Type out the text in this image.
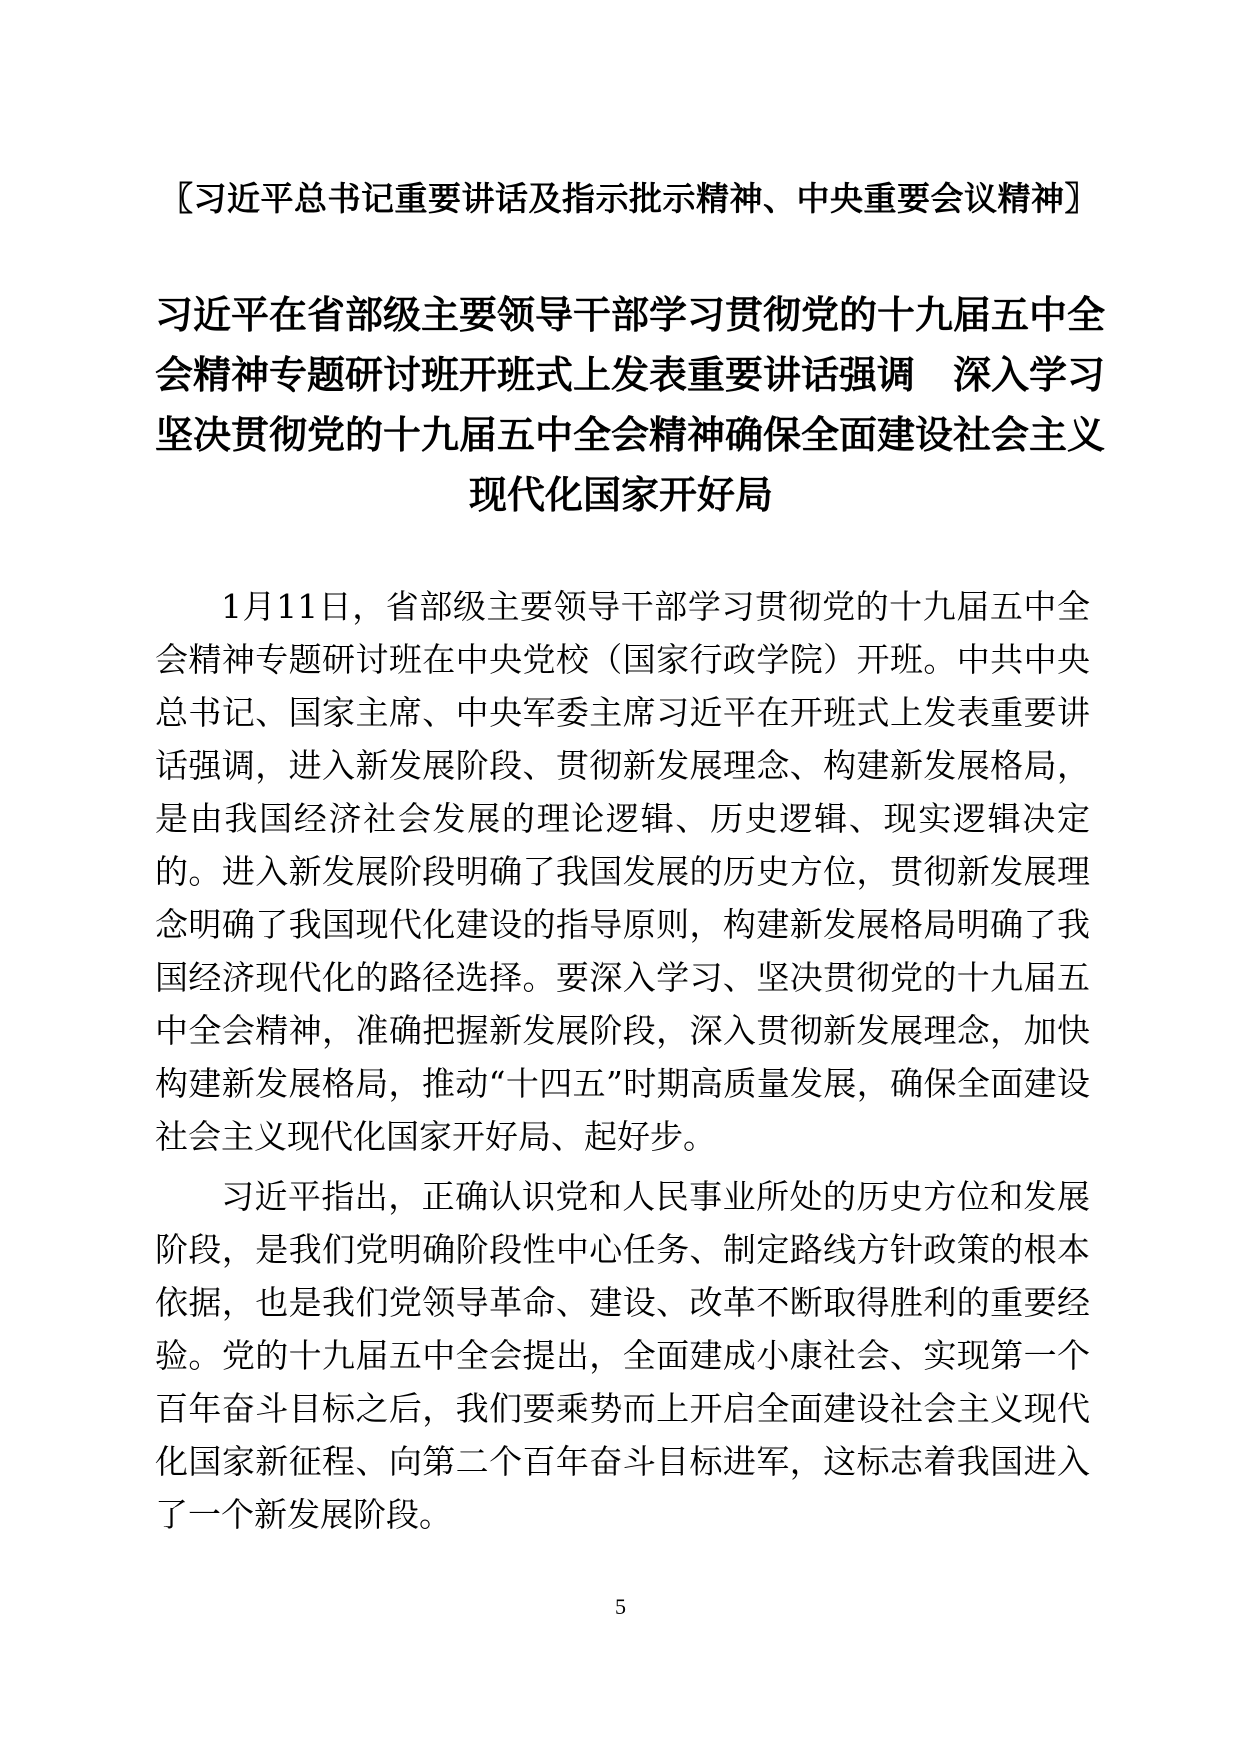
〖习近平总书记重要讲话及指示批示精神、中央重要会议精神〗
习近平在省部级主要领导干部学习贯彻党的十九届五中全
会精神专题研讨班开班式上发表重要讲话强调　深入学习
坚决贯彻党的十九届五中全会精神确保全面建设社会主义
现代化国家开好局

1月11日，省部级主要领导干部学习贯彻党的十九届五中全会精神专题研讨班在中央党校（国家行政学院）开班。中共中央总书记、国家主席、中央军委主席习近平在开班式上发表重要讲话强调，进入新发展阶段、贯彻新发展理念、构建新发展格局，是由我国经济社会发展的理论逻辑、历史逻辑、现实逻辑决定的。进入新发展阶段明确了我国发展的历史方位，贯彻新发展理念明确了我国现代化建设的指导原则，构建新发展格局明确了我国经济现代化的路径选择。要深入学习、坚决贯彻党的十九届五中全会精神，准确把握新发展阶段，深入贯彻新发展理念，加快构建新发展格局，推动“十四五”时期高质量发展，确保全面建设社会主义现代化国家开好局、起好步。

习近平指出，正确认识党和人民事业所处的历史方位和发展阶段，是我们党明确阶段性中心任务、制定路线方针政策的根本依据，也是我们党领导革命、建设、改革不断取得胜利的重要经验。党的十九届五中全会提出，全面建成小康社会、实现第一个百年奋斗目标之后，我们要乘势而上开启全面建设社会主义现代化国家新征程、向第二个百年奋斗目标进军，这标志着我国进入了一个新发展阶段。

5
